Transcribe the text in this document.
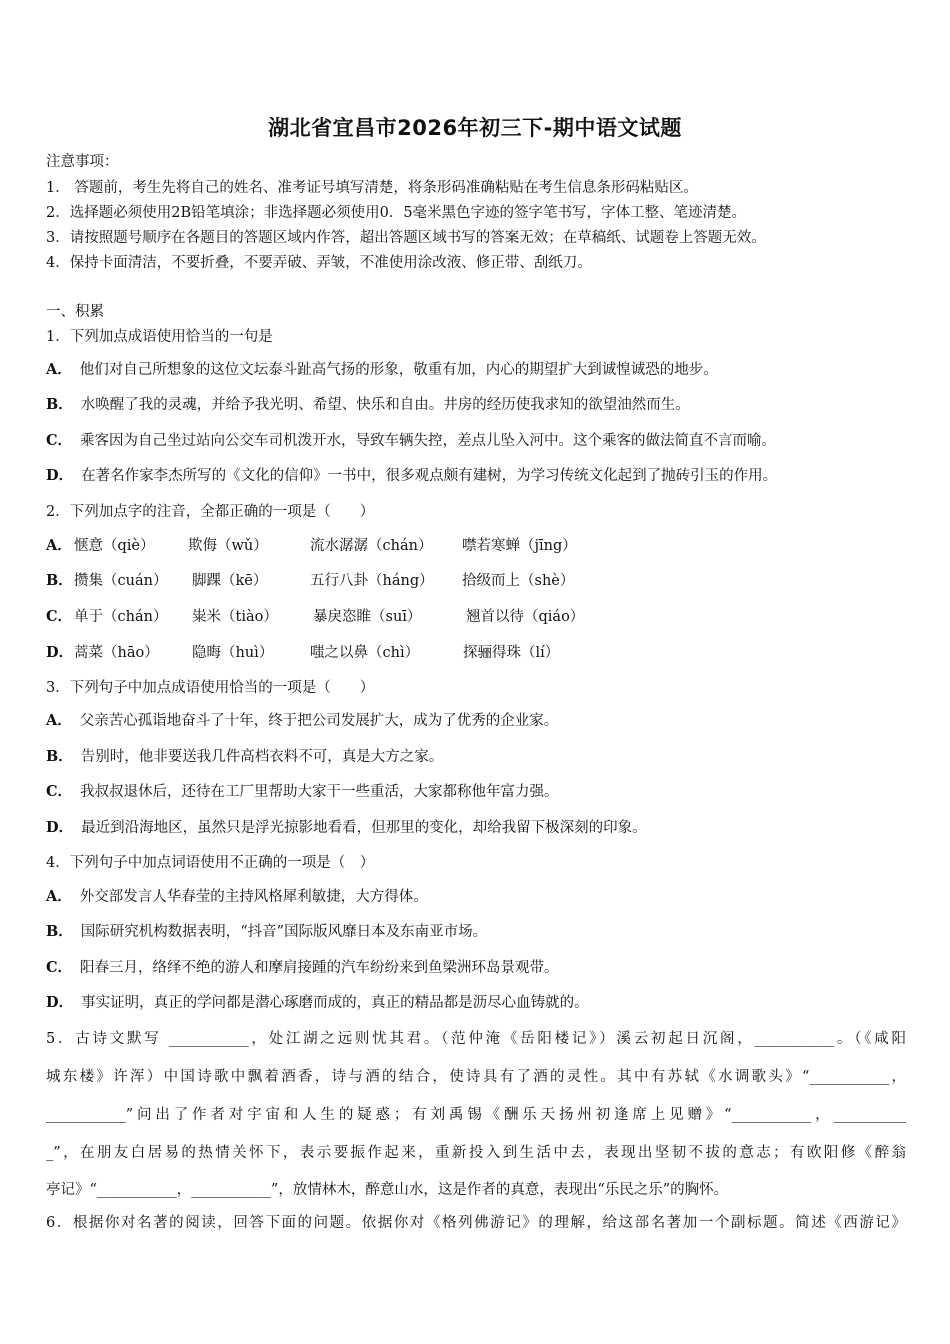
湖北省宜昌市2026年初三下-期中语文试题
注意事项：
1． 答题前，考生先将自己的姓名、准考证号填写清楚，将条形码准确粘贴在考生信息条形码粘贴区。
2．选择题必须使用2B铅笔填涂；非选择题必须使用0．5毫米黑色字迹的签字笔书写，字体工整、笔迹清楚。
3．请按照题号顺序在各题目的答题区域内作答，超出答题区域书写的答案无效；在草稿纸、试题卷上答题无效。
4．保持卡面清洁，不要折叠，不要弄破、弄皱，不准使用涂改液、修正带、刮纸刀。
一、积累
1．下列加点成语使用恰当的一句是
A． 他们对自己所想象的这位文坛泰斗趾高气扬的形象，敬重有加，内心的期望扩大到诚惶诚恐的地步。
B． 水唤醒了我的灵魂，并给予我光明、希望、快乐和自由。井房的经历使我求知的欲望油然而生。
C． 乘客因为自己坐过站向公交车司机泼开水，导致车辆失控，差点儿坠入河中。这个乘客的做法简直不言而喻。
D． 在著名作家李杰所写的《文化的信仰》一书中，很多观点颇有建树，为学习传统文化起到了抛砖引玉的作用。
2．下列加点字的注音，全都正确的一项是（　　）
A． 惬意（qiè） 欺侮（wǔ）	流水潺潺（chán） 噤若寒蝉（jīng）
B． 攒集（cuán） 脚踝（kē）	五行八卦（háng） 拾级而上（shè）
C． 单于（chán） 粜米（tiào） 暴戾恣睢（suī）	翘首以待（qiáo）
D． 蒿菜（hāo） 隐晦（huì）	嗤之以鼻（chì）	探骊得珠（lí）
3．下列句子中加点成语使用恰当的一项是（　　）
A． 父亲苦心孤诣地奋斗了十年，终于把公司发展扩大，成为了优秀的企业家。
B． 告别时，他非要送我几件高档衣料不可，真是大方之家。
C． 我叔叔退休后，还待在工厂里帮助大家干一些重活，大家都称他年富力强。
D． 最近到沿海地区，虽然只是浮光掠影地看看，但那里的变化，却给我留下极深刻的印象。
4．下列句子中加点词语使用不正确的一项是（　）
A． 外交部发言人华春莹的主持风格犀利敏捷，大方得体。
B． 国际研究机构数据表明，“抖音”国际版风靡日本及东南亚市场。
C． 阳春三月，络绎不绝的游人和摩肩接踵的汽车纷纷来到鱼梁洲环岛景观带。
D． 事实证明，真正的学问都是潜心琢磨而成的，真正的精品都是沥尽心血铸就的。
5．古诗文默写 ___________，处江湖之远则忧其君。（范仲淹《岳阳楼记》）溪云初起日沉阁，___________。（《咸阳
城东楼》许浑）中国诗歌中飘着酒香，诗与酒的结合，使诗具有了酒的灵性。其中有苏轼《水调歌头》“___________，
___________”问出了作者对宇宙和人生的疑惑；有刘禹锡《酬乐天扬州初逢席上见赠》“___________，__________
_”，在朋友白居易的热情关怀下，表示要振作起来，重新投入到生活中去，表现出坚韧不拔的意志；有欧阳修《醉翁
亭记》“___________，___________”，放情林木，醉意山水，这是作者的真意，表现出“乐民之乐”的胸怀。
6．根据你对名著的阅读，回答下面的问题。依据你对《格列佛游记》的理解，给这部名著加一个副标题。简述《西游记》
